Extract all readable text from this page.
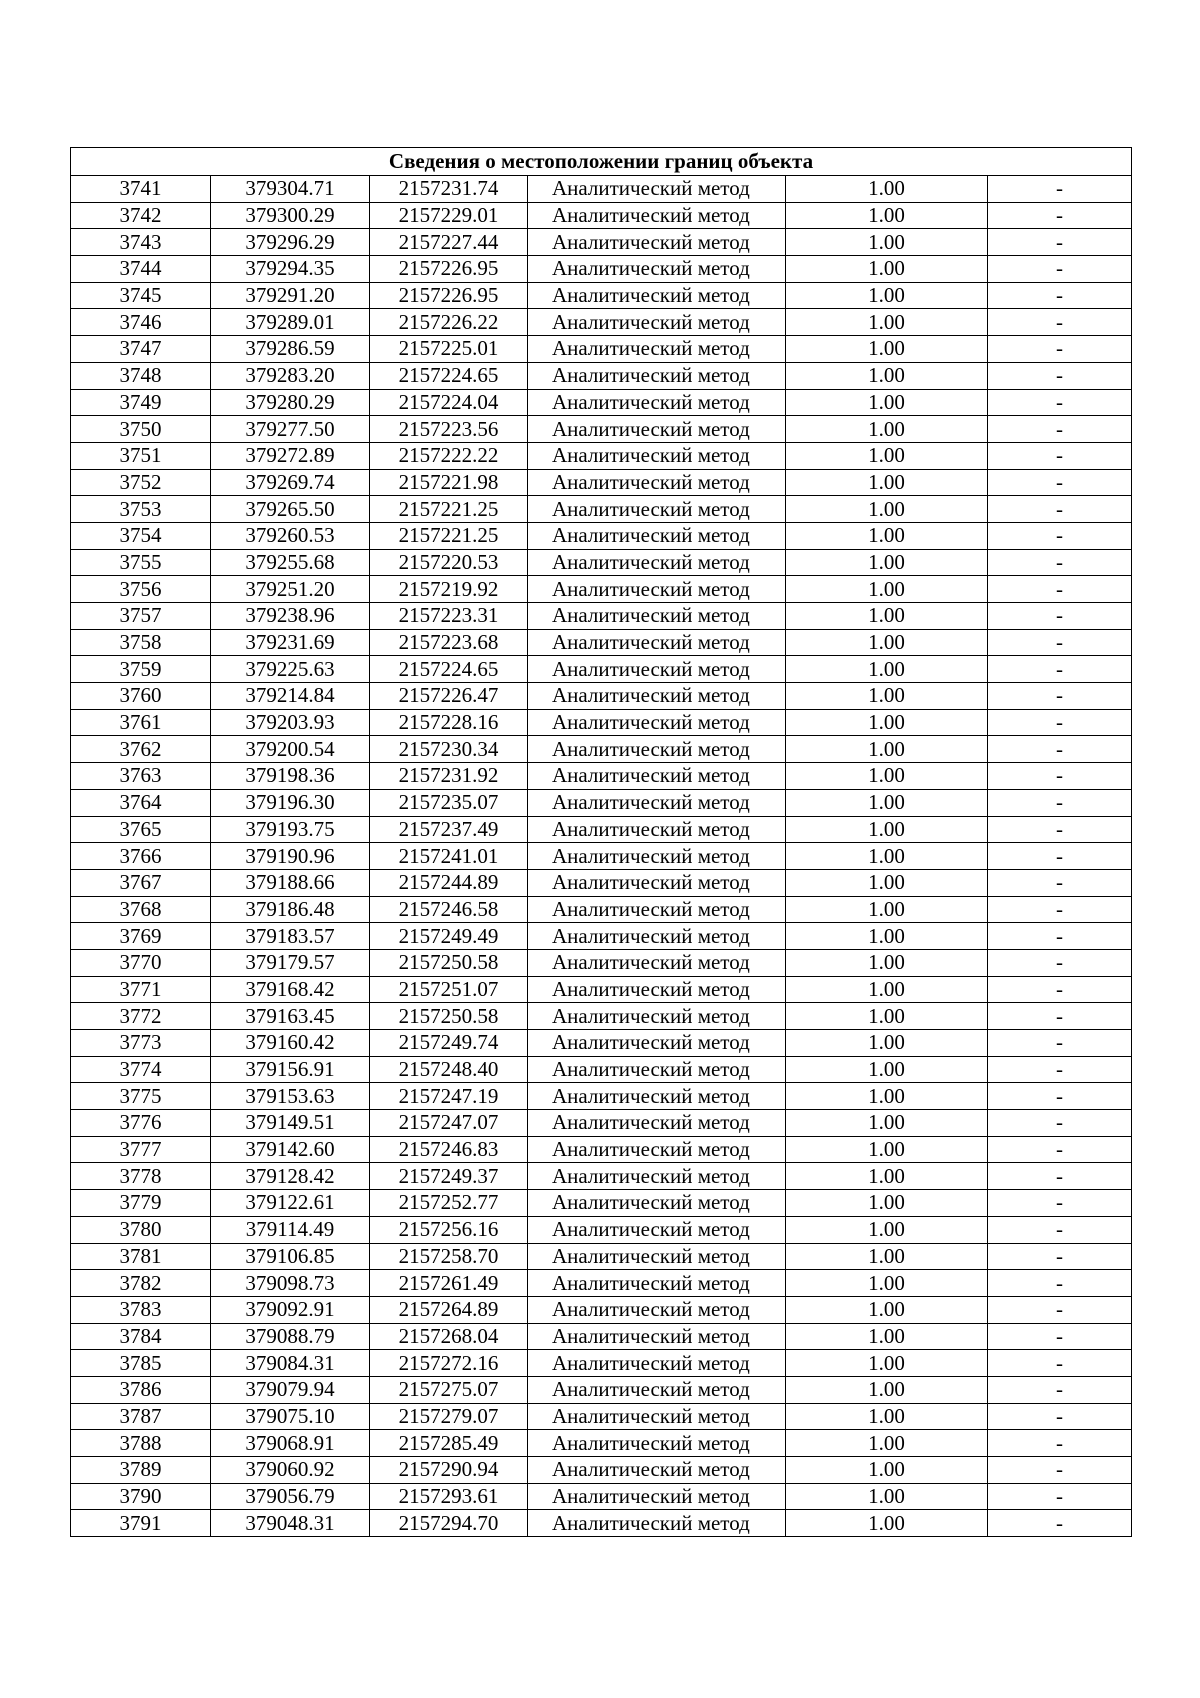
Сведения о местоположении границ объекта					
3741	379304.71	2157231.74	Аналитический метод	1.00	-
3742	379300.29	2157229.01	Аналитический метод	1.00	-
3743	379296.29	2157227.44	Аналитический метод	1.00	-
3744	379294.35	2157226.95	Аналитический метод	1.00	-
3745	379291.20	2157226.95	Аналитический метод	1.00	-
3746	379289.01	2157226.22	Аналитический метод	1.00	-
3747	379286.59	2157225.01	Аналитический метод	1.00	-
3748	379283.20	2157224.65	Аналитический метод	1.00	-
3749	379280.29	2157224.04	Аналитический метод	1.00	-
3750	379277.50	2157223.56	Аналитический метод	1.00	-
3751	379272.89	2157222.22	Аналитический метод	1.00	-
3752	379269.74	2157221.98	Аналитический метод	1.00	-
3753	379265.50	2157221.25	Аналитический метод	1.00	-
3754	379260.53	2157221.25	Аналитический метод	1.00	-
3755	379255.68	2157220.53	Аналитический метод	1.00	-
3756	379251.20	2157219.92	Аналитический метод	1.00	-
3757	379238.96	2157223.31	Аналитический метод	1.00	-
3758	379231.69	2157223.68	Аналитический метод	1.00	-
3759	379225.63	2157224.65	Аналитический метод	1.00	-
3760	379214.84	2157226.47	Аналитический метод	1.00	-
3761	379203.93	2157228.16	Аналитический метод	1.00	-
3762	379200.54	2157230.34	Аналитический метод	1.00	-
3763	379198.36	2157231.92	Аналитический метод	1.00	-
3764	379196.30	2157235.07	Аналитический метод	1.00	-
3765	379193.75	2157237.49	Аналитический метод	1.00	-
3766	379190.96	2157241.01	Аналитический метод	1.00	-
3767	379188.66	2157244.89	Аналитический метод	1.00	-
3768	379186.48	2157246.58	Аналитический метод	1.00	-
3769	379183.57	2157249.49	Аналитический метод	1.00	-
3770	379179.57	2157250.58	Аналитический метод	1.00	-
3771	379168.42	2157251.07	Аналитический метод	1.00	-
3772	379163.45	2157250.58	Аналитический метод	1.00	-
3773	379160.42	2157249.74	Аналитический метод	1.00	-
3774	379156.91	2157248.40	Аналитический метод	1.00	-
3775	379153.63	2157247.19	Аналитический метод	1.00	-
3776	379149.51	2157247.07	Аналитический метод	1.00	-
3777	379142.60	2157246.83	Аналитический метод	1.00	-
3778	379128.42	2157249.37	Аналитический метод	1.00	-
3779	379122.61	2157252.77	Аналитический метод	1.00	-
3780	379114.49	2157256.16	Аналитический метод	1.00	-
3781	379106.85	2157258.70	Аналитический метод	1.00	-
3782	379098.73	2157261.49	Аналитический метод	1.00	-
3783	379092.91	2157264.89	Аналитический метод	1.00	-
3784	379088.79	2157268.04	Аналитический метод	1.00	-
3785	379084.31	2157272.16	Аналитический метод	1.00	-
3786	379079.94	2157275.07	Аналитический метод	1.00	-
3787	379075.10	2157279.07	Аналитический метод	1.00	-
3788	379068.91	2157285.49	Аналитический метод	1.00	-
3789	379060.92	2157290.94	Аналитический метод	1.00	-
3790	379056.79	2157293.61	Аналитический метод	1.00	-
3791	379048.31	2157294.70	Аналитический метод	1.00	-
